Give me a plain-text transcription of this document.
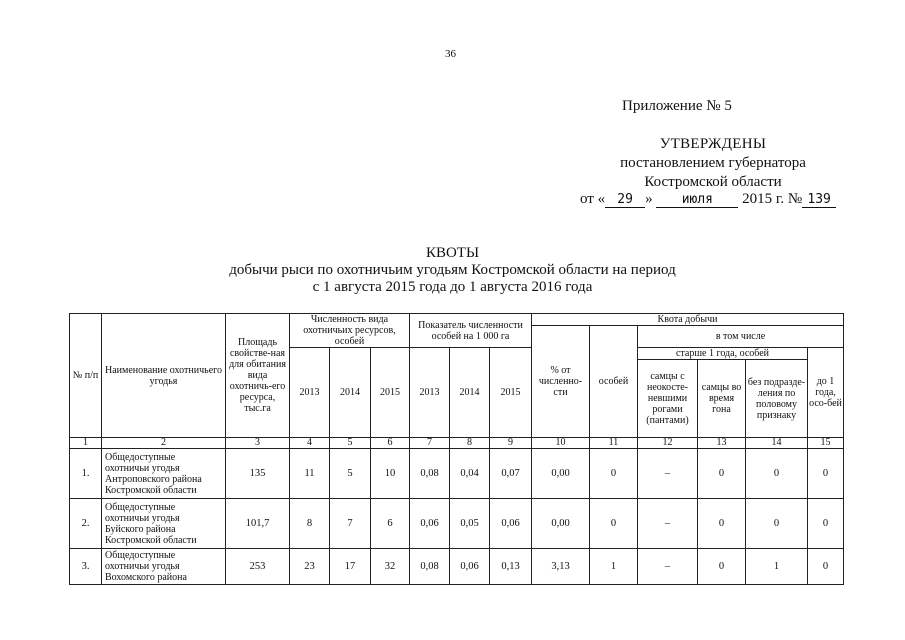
36
Приложение № 5
УТВЕРЖДЕНЫ
постановлением губернатора
Костромской области
от « 29 » июля 2015 г. № 139
КВОТЫ
добычи рыси по охотничьим угодьям Костромской области на период
с 1 августа 2015 года до 1 августа 2016 года
№ п/п	Наименование охотничьего угодья	Площадь свойстве-ная для обитания вида охотничь-его ресурса, тыс.га	Численность вида охотничьих ресурсов, особей			Показатель численности особей на 1 000 га			Квота добычи					
									% от численно-сти	особей	в том числе			
			2013	2014	2015	2013	2014	2015			старше 1 года, особей			до 1 года, осо-бей
											самцы с неокосте-невшими рогами (пантами)	самцы во время гона	без подразде-ления по половому признаку	
1	2	3	4	5	6	7	8	9	10	11	12	13	14	15
1.	Общедоступные
охотничьи угодья
Антроповского района
Костромской области	135	11	5	10	0,08	0,04	0,07	0,00	0	–	0	0	0
2.	Общедоступные
охотничьи угодья
Буйского района
Костромской области	101,7	8	7	6	0,06	0,05	0,06	0,00	0	–	0	0	0
3.	Общедоступные
охотничьи угодья
Вохомского района	253	23	17	32	0,08	0,06	0,13	3,13	1	–	0	1	0
